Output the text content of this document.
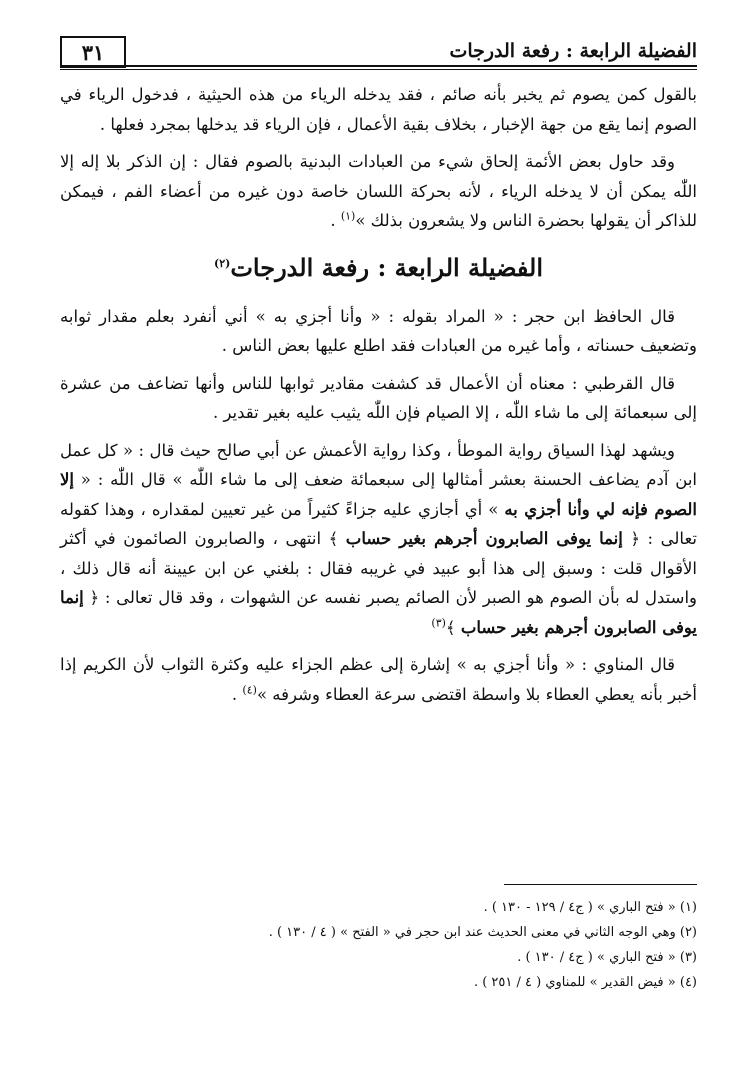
الفضيلة الرابعة : رفعة الدرجات
٣١

بالقول كمن يصوم ثم يخبر بأنه صائم ، فقد يدخله الرياء من هذه الحيثية ، فدخول الرياء في الصوم إنما يقع من جهة الإخبار ، بخلاف بقية الأعمال ، فإن الرياء قد يدخلها بمجرد فعلها .

وقد حاول بعض الأئمة إلحاق شيء من العبادات البدنية بالصوم فقال : إن الذكر بلا إله إلا اللّٰه يمكن أن لا يدخله الرياء ، لأنه بحركة اللسان خاصة دون غيره من أعضاء الفم ، فيمكن للذاكر أن يقولها بحضرة الناس ولا يشعرون بذلك »$^{(١)}$ .

الفضيلة الرابعة : رفعة الدرجات$^{(٢)}$

قال الحافظ ابن حجر : « المراد بقوله : « وأنا أجزي به » أني أنفرد بعلم مقدار ثوابه وتضعيف حسناته ، وأما غيره من العبادات فقد اطلع عليها بعض الناس .

قال القرطبي : معناه أن الأعمال قد كشفت مقادير ثوابها للناس وأنها تضاعف من عشرة إلى سبعمائة إلى ما شاء اللّٰه ، إلا الصيام فإن اللّٰه يثيب عليه بغير تقدير .

ويشهد لهذا السياق رواية الموطأ ، وكذا رواية الأعمش عن أبي صالح حيث قال : « كل عمل ابن آدم يضاعف الحسنة بعشر أمثالها إلى سبعمائة ضعف إلى ما شاء اللّٰه » قال اللّٰه : « إلا الصوم فإنه لي وأنا أجزي به » أي أجازي عليه جزاءً كثيراً من غير تعيين لمقداره ، وهذا كقوله تعالى : ﴿ إنما يوفى الصابرون أجرهم بغير حساب ﴾ انتهى ، والصابرون الصائمون في أكثر الأقوال قلت : وسبق إلى هذا أبو عبيد في غريبه فقال : بلغني عن ابن عيينة أنه قال ذلك ، واستدل له بأن الصوم هو الصبر لأن الصائم يصبر نفسه عن الشهوات ، وقد قال تعالى : ﴿ إنما يوفى الصابرون أجرهم بغير حساب ﴾$^{(٣)}$

قال المناوي : « وأنا أجزي به » إشارة إلى عظم الجزاء عليه وكثرة الثواب لأن الكريم إذا أخبر بأنه يعطي العطاء بلا واسطة اقتضى سرعة العطاء وشرفه »$^{(٤)}$ .

(١) « فتح الباري » ( ج٤ / ١٢٩ - ١٣٠ ) .

(٢) وهي الوجه الثاني في معنى الحديث عند ابن حجر في « الفتح » ( ٤ / ١٣٠ ) .

(٣) « فتح الباري » ( ج٤ / ١٣٠ ) .

(٤) « فيض القدير » للمناوي ( ٤ / ٢٥١ ) .
